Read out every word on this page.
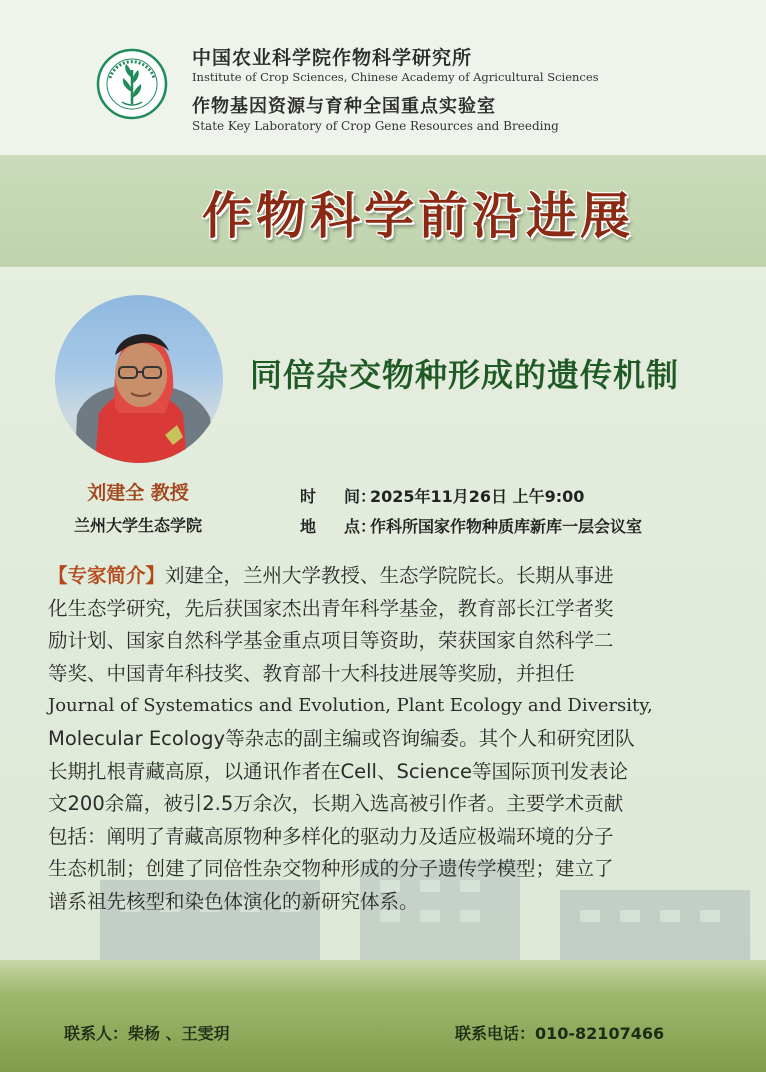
中国农业科学院作物科学研究所
Institute of Crop Sciences, Chinese Academy of Agricultural Sciences
作物基因资源与育种全国重点实验室
State Key Laboratory of Crop Gene Resources and Breeding
作物科学前沿进展
同倍杂交物种形成的遗传机制
刘建全 教授
兰州大学生态学院
时 间：2025年11月26日 上午9:00
地 点：作科所国家作物种质库新库一层会议室
【专家简介】刘建全，兰州大学教授、生态学院院长。长期从事进
化生态学研究，先后获国家杰出青年科学基金，教育部长江学者奖
励计划、国家自然科学基金重点项目等资助，荣获国家自然科学二
等奖、中国青年科技奖、教育部十大科技进展等奖励，并担任
Journal of Systematics and Evolution, Plant Ecology and Diversity,
Molecular Ecology等杂志的副主编或咨询编委。其个人和研究团队
长期扎根青藏高原，以通讯作者在Cell、Science等国际顶刊发表论
文200余篇，被引2.5万余次，长期入选高被引作者。主要学术贡献
包括：阐明了青藏高原物种多样化的驱动力及适应极端环境的分子
生态机制；创建了同倍性杂交物种形成的分子遗传学模型；建立了
谱系祖先核型和染色体演化的新研究体系。
联系人：柴杨 、王雯玥	联系电话：010-82107466
